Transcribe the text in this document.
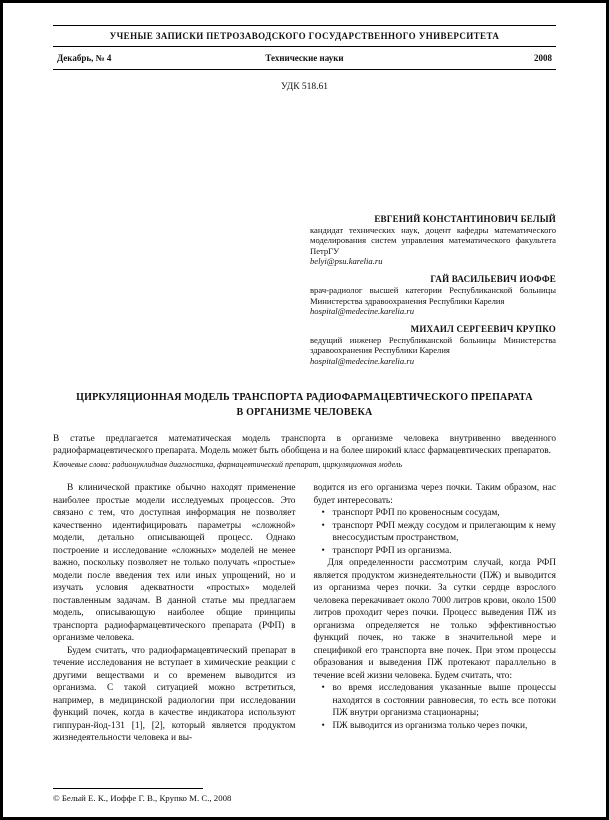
УЧЕНЫЕ ЗАПИСКИ ПЕТРОЗАВОДСКОГО ГОСУДАРСТВЕННОГО УНИВЕРСИТЕТА
Декабрь, № 4	Технические науки	2008
УДК 518.61
ЕВГЕНИЙ КОНСТАНТИНОВИЧ БЕЛЫЙ
кандидат технических наук, доцент кафедры математического моделирования систем управления математического факультета ПетрГУ
belyi@psu.karelia.ru
ГАЙ ВАСИЛЬЕВИЧ ИОФФЕ
врач-радиолог высшей категории Республиканской больницы Министерства здравоохранения Республики Карелия
hospital@medecine.karelia.ru
МИХАИЛ СЕРГЕЕВИЧ КРУПКО
ведущий инженер Республиканской больницы Министерства здравоохранения Республики Карелия
hospital@medecine.karelia.ru
ЦИРКУЛЯЦИОННАЯ МОДЕЛЬ ТРАНСПОРТА РАДИОФАРМАЦЕВТИЧЕСКОГО ПРЕПАРАТА
В ОРГАНИЗМЕ ЧЕЛОВЕКА

В статье предлагается математическая модель транспорта в организме человека внутривенно введенного радиофармацевтического препарата. Модель может быть обобщена и на более широкий класс фармацевтических препаратов.

Ключевые слова: радионуклидная диагностика, фармацевтический препарат, циркуляционная модель

В клинической практике обычно находят применение наиболее простые модели исследуемых процессов. Это связано с тем, что доступная информация не позволяет качественно идентифицировать параметры «сложной» модели, детально описывающей процесс. Однако построение и исследование «сложных» моделей не менее важно, поскольку позволяет не только получать «простые» модели после введения тех или иных упрощений, но и изучать условия адекватности «простых» моделей поставленным задачам. В данной статье мы предлагаем модель, описывающую наиболее общие принципы транспорта радиофармацевтического препарата (РФП) в организме человека.

Будем считать, что радиофармацевтический препарат в течение исследования не вступает в химические реакции с другими веществами и со временем выводится из организма. С такой ситуацией можно встретиться, например, в медицинской радиологии при исследовании функций почек, когда в качестве индикатора используют гиппуран-йод-131 [1], [2], который является продуктом жизнедеятельности человека и вы-

водится из его организма через почки. Таким образом, нас будет интересовать:

• транспорт РФП по кровеносным сосудам,
• транспорт РФП между сосудом и прилегающим к нему внесосудистым пространством,
• транспорт РФП из организма.

Для определенности рассмотрим случай, когда РФП является продуктом жизнедеятельности (ПЖ) и выводится из организма через почки. За сутки сердце взрослого человека перекачивает около 7000 литров крови, около 1500 литров проходит через почки. Процесс выведения ПЖ из организма определяется не только эффективностью функций почек, но также в значительной мере и спецификой его транспорта вне почек. При этом процессы образования и выведения ПЖ протекают параллельно в течение всей жизни человека. Будем считать, что:

• во время исследования указанные выше процессы находятся в состоянии равновесия, то есть все потоки ПЖ внутри организма стационарны;
• ПЖ выводится из организма только через почки,
© Белый Е. К., Иоффе Г. В., Крупко М. С., 2008
